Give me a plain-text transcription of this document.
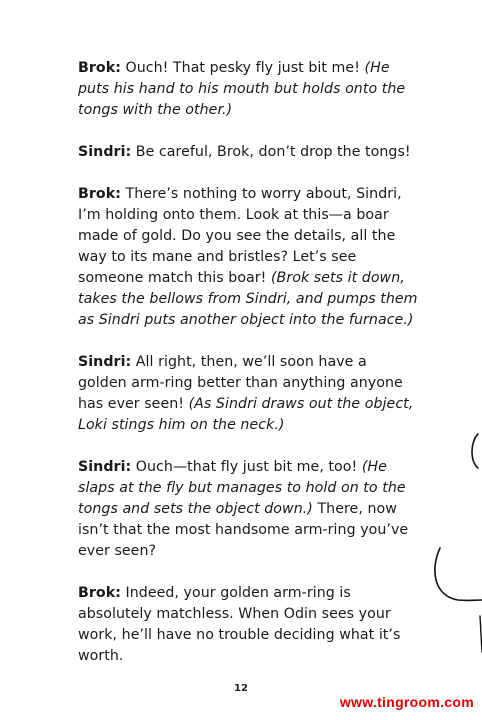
Brok: Ouch! That pesky fly just bit me! (He puts his hand to his mouth but holds onto the tongs with the other.)

Sindri: Be careful, Brok, don’t drop the tongs!

Brok: There’s nothing to worry about, Sindri, I’m holding onto them. Look at this—a boar made of gold. Do you see the details, all the way to its mane and bristles? Let’s see someone match this boar! (Brok sets it down, takes the bellows from Sindri, and pumps them as Sindri puts another object into the furnace.)

Sindri: All right, then, we’ll soon have a golden arm-ring better than anything anyone has ever seen! (As Sindri draws out the object, Loki stings him on the neck.)

Sindri: Ouch—that fly just bit me, too! (He slaps at the fly but manages to hold on to the tongs and sets the object down.) There, now isn’t that the most handsome arm-ring you’ve ever seen?

Brok: Indeed, your golden arm-ring is absolutely matchless. When Odin sees your work, he’ll have no trouble deciding what it’s worth.

12
www.tingroom.com
